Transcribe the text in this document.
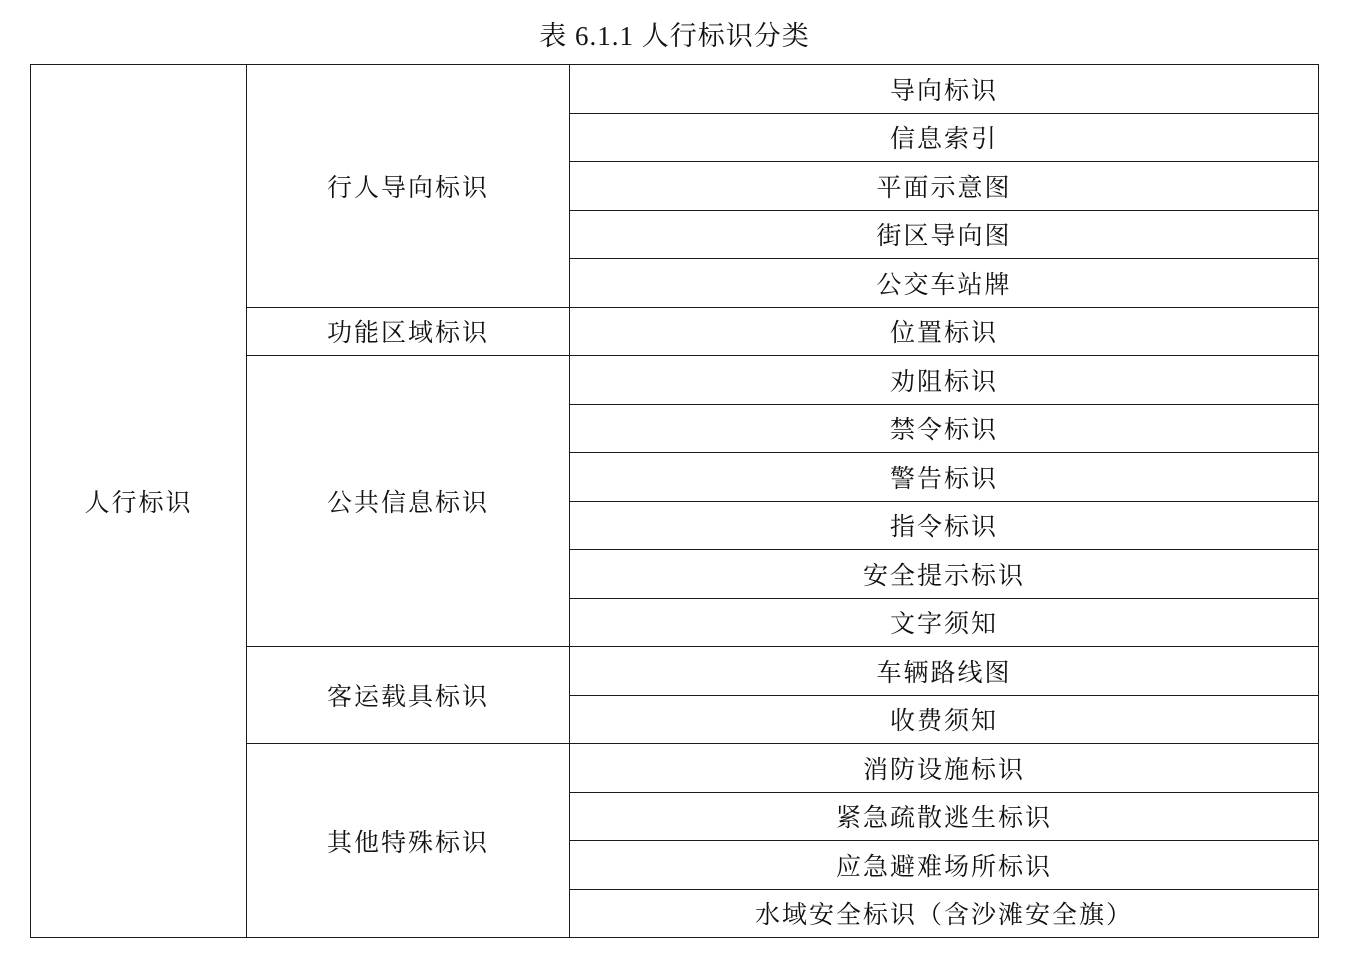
表 6.1.1 人行标识分类
人行标识	行人导向标识	导向标识
		信息索引
		平面示意图
		街区导向图
		公交车站牌
	功能区域标识	位置标识
	公共信息标识	劝阻标识
		禁令标识
		警告标识
		指令标识
		安全提示标识
		文字须知
	客运载具标识	车辆路线图
		收费须知
	其他特殊标识	消防设施标识
		紧急疏散逃生标识
		应急避难场所标识
		水域安全标识（含沙滩安全旗）
